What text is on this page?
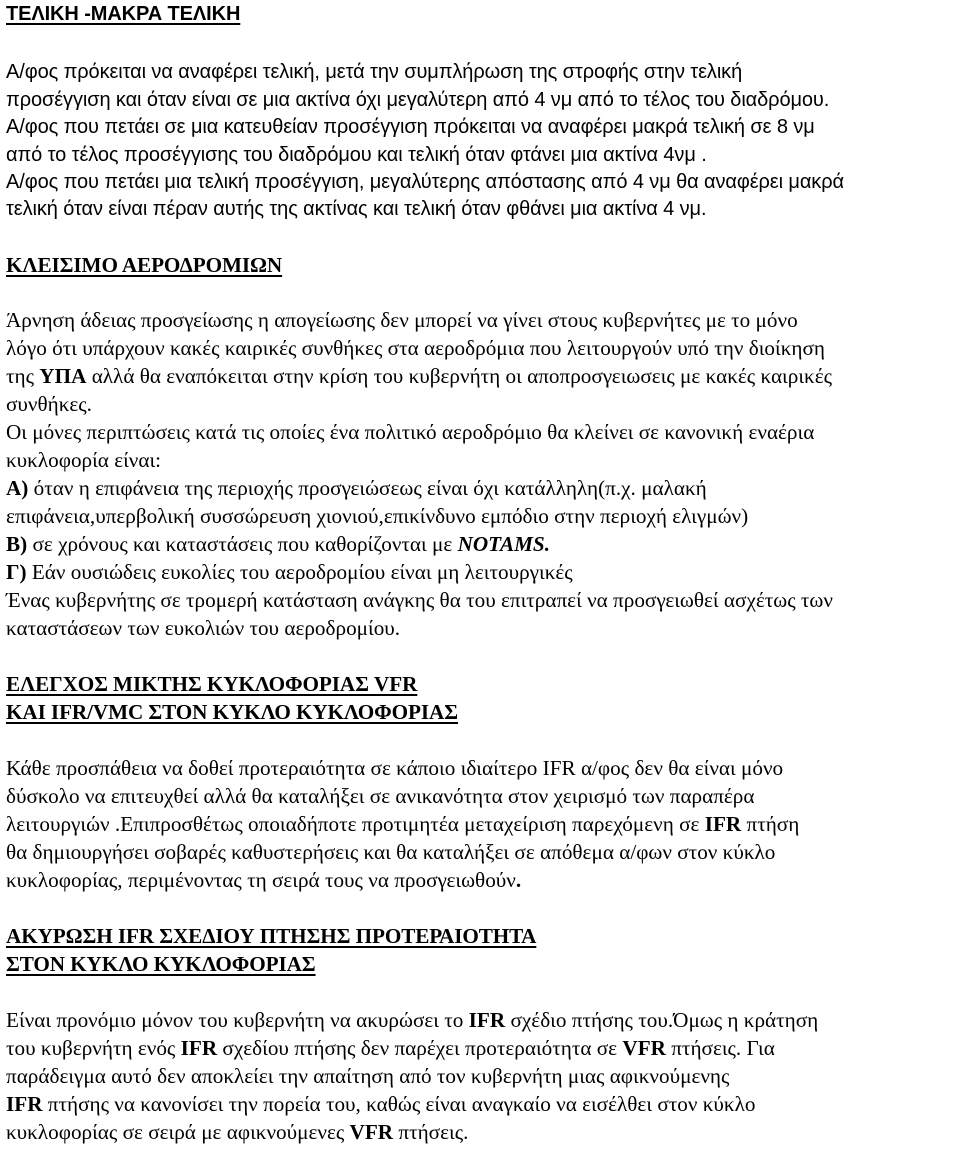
ΤΕΛΙΚΗ -ΜΑΚΡΑ ΤΕΛΙΚΗ
Α/φος πρόκειται να αναφέρει τελική, μετά την συμπλήρωση της στροφής στην τελική
προσέγγιση και όταν είναι σε μια ακτίνα όχι μεγαλύτερη από 4 νμ από το τέλος του διαδρόμου.
Α/φος που πετάει σε μια κατευθείαν προσέγγιση πρόκειται να αναφέρει μακρά τελική σε 8 νμ
από το τέλος προσέγγισης του διαδρόμου και τελική όταν φτάνει μια ακτίνα 4νμ .
Α/φος που πετάει μια τελική προσέγγιση, μεγαλύτερης απόστασης από 4 νμ θα αναφέρει μακρά
τελική όταν είναι πέραν αυτής της ακτίνας και τελική όταν φθάνει μια ακτίνα 4 νμ.
ΚΛΕΙΣΙΜΟ ΑΕΡΟΔΡΟΜΙΩΝ
Άρνηση άδειας προσγείωσης η απογείωσης δεν μπορεί να γίνει στους κυβερνήτες με το μόνο
λόγο ότι υπάρχουν κακές καιρικές συνθήκες στα αεροδρόμια που λειτουργούν υπό την διοίκηση
της ΥΠΑ αλλά θα εναπόκειται στην κρίση του κυβερνήτη οι αποπροσγειωσεις με κακές καιρικές
συνθήκες.
Οι μόνες περιπτώσεις κατά τις οποίες ένα πολιτικό αεροδρόμιο θα κλείνει σε κανονική εναέρια
κυκλοφορία είναι:
Α) όταν η επιφάνεια της περιοχής προσγειώσεως είναι όχι κατάλληλη(π.χ. μαλακή
επιφάνεια,υπερβολική συσσώρευση χιονιού,επικίνδυνο εμπόδιο στην περιοχή ελιγμών)
Β) σε χρόνους και καταστάσεις που καθορίζονται με NOTAMS.
Γ) Εάν ουσιώδεις ευκολίες του αεροδρομίου είναι μη λειτουργικές
Ένας κυβερνήτης σε τρομερή κατάσταση ανάγκης θα του επιτραπεί να προσγειωθεί ασχέτως των
καταστάσεων των ευκολιών του αεροδρομίου.
ΕΛΕΓΧΟΣ ΜΙΚΤΗΣ ΚΥΚΛΟΦΟΡΙΑΣ VFR
ΚΑΙ IFR/VMC ΣΤΟΝ ΚΥΚΛΟ ΚΥΚΛΟΦΟΡΙΑΣ
Κάθε προσπάθεια να δοθεί προτεραιότητα σε κάποιο ιδιαίτερο IFR α/φος δεν θα είναι μόνο
δύσκολο να επιτευχθεί αλλά θα καταλήξει σε ανικανότητα στον χειρισμό των παραπέρα
λειτουργιών .Επιπροσθέτως οποιαδήποτε προτιμητέα μεταχείριση παρεχόμενη σε IFR πτήση
θα δημιουργήσει σοβαρές καθυστερήσεις και θα καταλήξει σε απόθεμα α/φων στον κύκλο
κυκλοφορίας, περιμένοντας τη σειρά τους να προσγειωθούν.
ΑΚΥΡΩΣΗ IFR ΣΧΕΔΙΟΥ ΠΤΗΣΗΣ ΠΡΟΤΕΡΑΙΟΤΗΤΑ
ΣΤΟΝ ΚΥΚΛΟ ΚΥΚΛΟΦΟΡΙΑΣ
Είναι προνόμιο μόνον του κυβερνήτη να ακυρώσει το IFR σχέδιο πτήσης του.Όμως η κράτηση
του κυβερνήτη ενός IFR σχεδίου πτήσης δεν παρέχει προτεραιότητα σε VFR πτήσεις. Για
παράδειγμα αυτό δεν αποκλείει την απαίτηση από τον κυβερνήτη μιας αφικνούμενης
IFR πτήσης να κανονίσει την πορεία του, καθώς είναι αναγκαίο να εισέλθει στον κύκλο
κυκλοφορίας σε σειρά με αφικνούμενες VFR πτήσεις.
